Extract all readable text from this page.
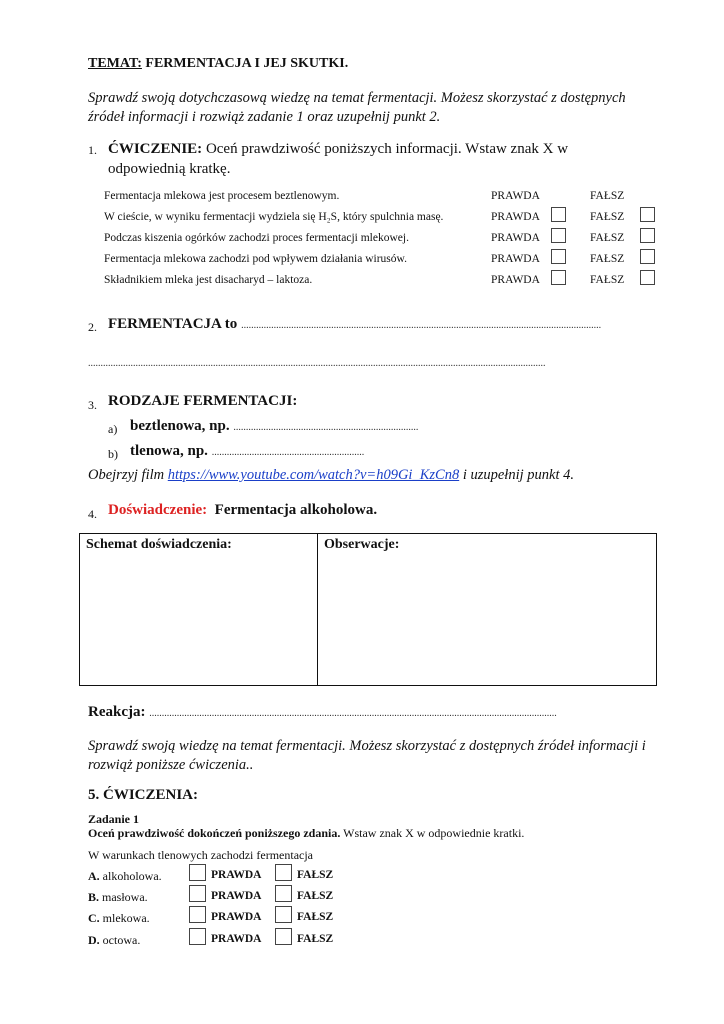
TEMAT: FERMENTACJA I JEJ SKUTKI.
Sprawdź swoją dotychczasową wiedzę na temat fermentacji. Możesz skorzystać z dostępnych źródeł informacji i rozwiąż zadanie 1 oraz uzupełnij punkt 2.
1. ĆWICZENIE: Oceń prawdziwość poniższych informacji. Wstaw znak X w odpowiednią kratkę.
Fermentacja mlekowa jest procesem beztlenowym.	PRAWDA	FAŁSZ
W cieście, w wyniku fermentacji wydziela się H₂S, który spulchnia masę.	PRAWDA	FAŁSZ
Podczas kiszenia ogórków zachodzi proces fermentacji mlekowej.	PRAWDA	FAŁSZ
Fermentacja mlekowa zachodzi pod wpływem działania wirusów.	PRAWDA	FAŁSZ
Składnikiem mleka jest disacharyd – laktoza.	PRAWDA	FAŁSZ
2. FERMENTACJA to ................................................................................................................................................
.......................................................................................................................................................................................
3. RODZAJE FERMENTACJI:
a) beztlenowa, np. ..........................................................................
b) tlenowa, np. .............................................................
Obejrzyj film https://www.youtube.com/watch?v=h09Gi_KzCn8 i uzupełnij punkt 4.
4. Doświadczenie: Fermentacja alkoholowa.
Schemat doświadczenia:	Obserwacje:
Reakcja: ...................................................................................................................................................................
Sprawdź swoją wiedzę na temat fermentacji. Możesz skorzystać z dostępnych źródeł informacji i rozwiąż poniższe ćwiczenia..
5. ĆWICZENIA:
Zadanie 1
Oceń prawdziwość dokończeń poniższego zdania. Wstaw znak X w odpowiednie kratki.
W warunkach tlenowych zachodzi fermentacja
A. alkoholowa.	PRAWDA	FAŁSZ
B. masłowa.	PRAWDA	FAŁSZ
C. mlekowa.	PRAWDA	FAŁSZ
D. octowa.	PRAWDA	FAŁSZ
